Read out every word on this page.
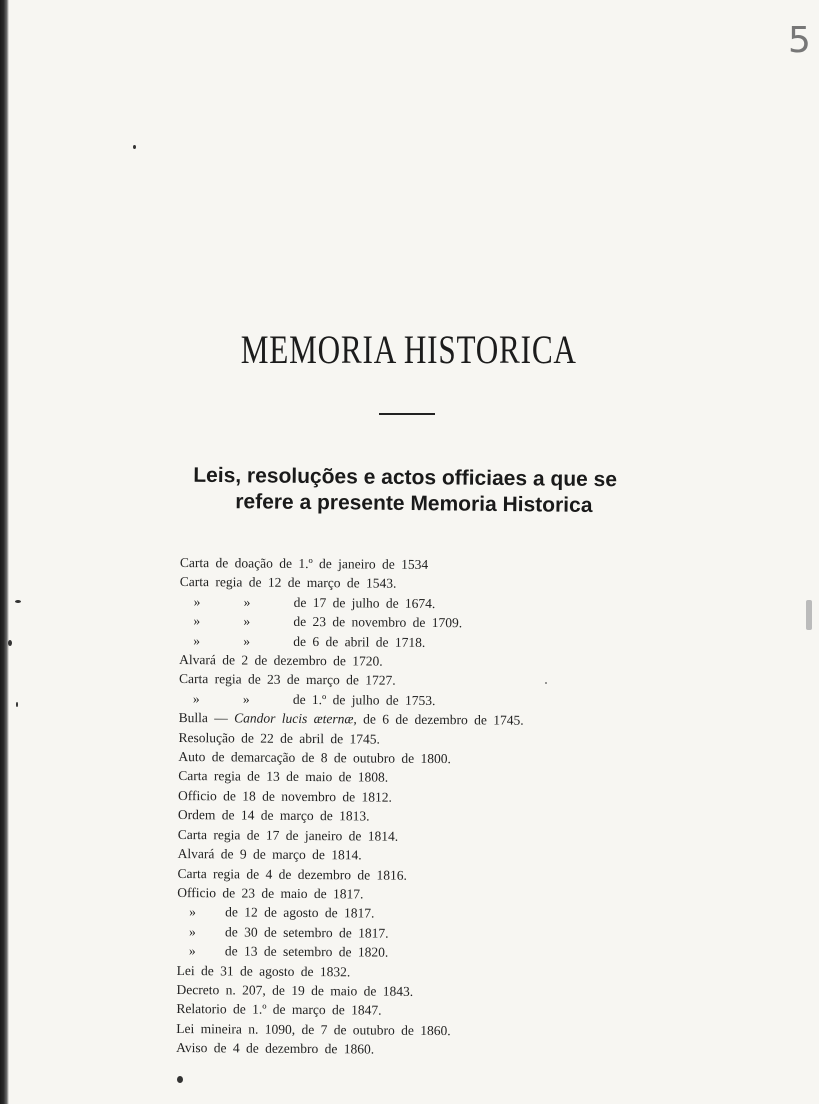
5
MEMORIA HISTORICA
Leis, resoluções e actos officiaes a que se
refere a presente Memoria Historica
Carta de doação de 1.º de janeiro de 1534
Carta regia de 12 de março de 1543.
»	»	de 17 de julho de 1674.
»	»	de 23 de novembro de 1709.
»	»	de 6 de abril de 1718.
Alvará de 2 de dezembro de 1720.
Carta regia de 23 de março de 1727.
»	»	de 1.º de julho de 1753.
Bulla — Candor lucis æternæ, de 6 de dezembro de 1745.
Resolução de 22 de abril de 1745.
Auto de demarcação de 8 de outubro de 1800.
Carta regia de 13 de maio de 1808.
Officio de 18 de novembro de 1812.
Ordem de 14 de março de 1813.
Carta regia de 17 de janeiro de 1814.
Alvará de 9 de março de 1814.
Carta regia de 4 de dezembro de 1816.
Officio de 23 de maio de 1817.
» de 12 de agosto de 1817.
» de 30 de setembro de 1817.
» de 13 de setembro de 1820.
Lei de 31 de agosto de 1832.
Decreto n. 207, de 19 de maio de 1843.
Relatorio de 1.º de março de 1847.
Lei mineira n. 1090, de 7 de outubro de 1860.
Aviso de 4 de dezembro de 1860.
